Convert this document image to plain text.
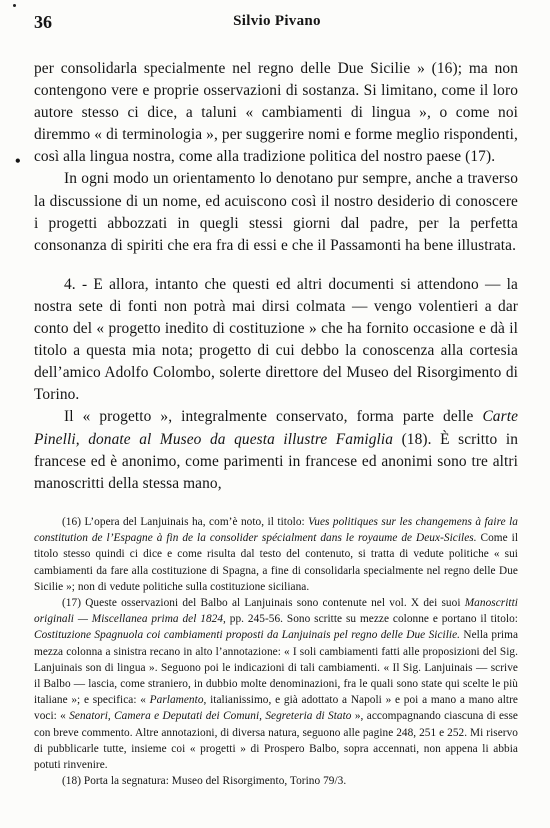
36	Silvio Pivano
•

per consolidarla specialmente nel regno delle Due Sicilie » (16); ma non contengono vere e proprie osservazioni di sostanza. Si limitano, come il loro autore stesso ci dice, a taluni « cambiamenti di lingua », o come noi diremmo « di terminologia », per suggerire nomi e forme meglio rispondenti, così alla lingua nostra, come alla tradizione politica del nostro paese (17).

In ogni modo un orientamento lo denotano pur sempre, anche a traverso la discussione di un nome, ed acuiscono così il nostro desiderio di conoscere i progetti abbozzati in quegli stessi giorni dal padre, per la perfetta consonanza di spiriti che era fra di essi e che il Passamonti ha bene illustrata.

4. - E allora, intanto che questi ed altri documenti si attendono — la nostra sete di fonti non potrà mai dirsi colmata — vengo volentieri a dar conto del « progetto inedito di costituzione » che ha fornito occasione e dà il titolo a questa mia nota; progetto di cui debbo la conoscenza alla cortesia dell’amico Adolfo Colombo, solerte direttore del Museo del Risorgimento di Torino.

Il « progetto », integralmente conservato, forma parte delle Carte Pinelli, donate al Museo da questa illustre Famiglia (18). È scritto in francese ed è anonimo, come parimenti in francese ed anonimi sono tre altri manoscritti della stessa mano,

(16) L’opera del Lanjuinais ha, com’è noto, il titolo: Vues politiques sur les changemens à faire la constitution de l’Espagne à fin de la consolider spécialment dans le royaume de Deux-Siciles. Come il titolo stesso quindi ci dice e come risulta dal testo del contenuto, si tratta di vedute politiche « sui cambiamenti da fare alla costituzione di Spagna, a fine di consolidarla specialmente nel regno delle Due Sicilie »; non di vedute politiche sulla costituzione siciliana.

(17) Queste osservazioni del Balbo al Lanjuinais sono contenute nel vol. X dei suoi Manoscritti originali — Miscellanea prima del 1824, pp. 245-56. Sono scritte su mezze colonne e portano il titolo: Costituzione Spagnuola coi cambiamenti proposti da Lanjuinais pel regno delle Due Sicilie. Nella prima mezza colonna a sinistra recano in alto l’annotazione: « I soli cambiamenti fatti alle proposizioni del Sig. Lanjuinais son di lingua ». Seguono poi le indicazioni di tali cambiamenti. « Il Sig. Lanjuinais — scrive il Balbo — lascia, come straniero, in dubbio molte denominazioni, fra le quali sono state qui scelte le più italiane »; e specifica: « Parlamento, italianissimo, e già adottato a Napoli » e poi a mano a mano altre voci: « Senatori, Camera e Deputati dei Comuni, Segreteria di Stato », accompagnando ciascuna di esse con breve commento. Altre annotazioni, di diversa natura, seguono alle pagine 248, 251 e 252. Mi riservo di pubblicarle tutte, insieme coi « progetti » di Prospero Balbo, sopra accennati, non appena li abbia potuti rinvenire.

(18) Porta la segnatura: Museo del Risorgimento, Torino 79/3.
